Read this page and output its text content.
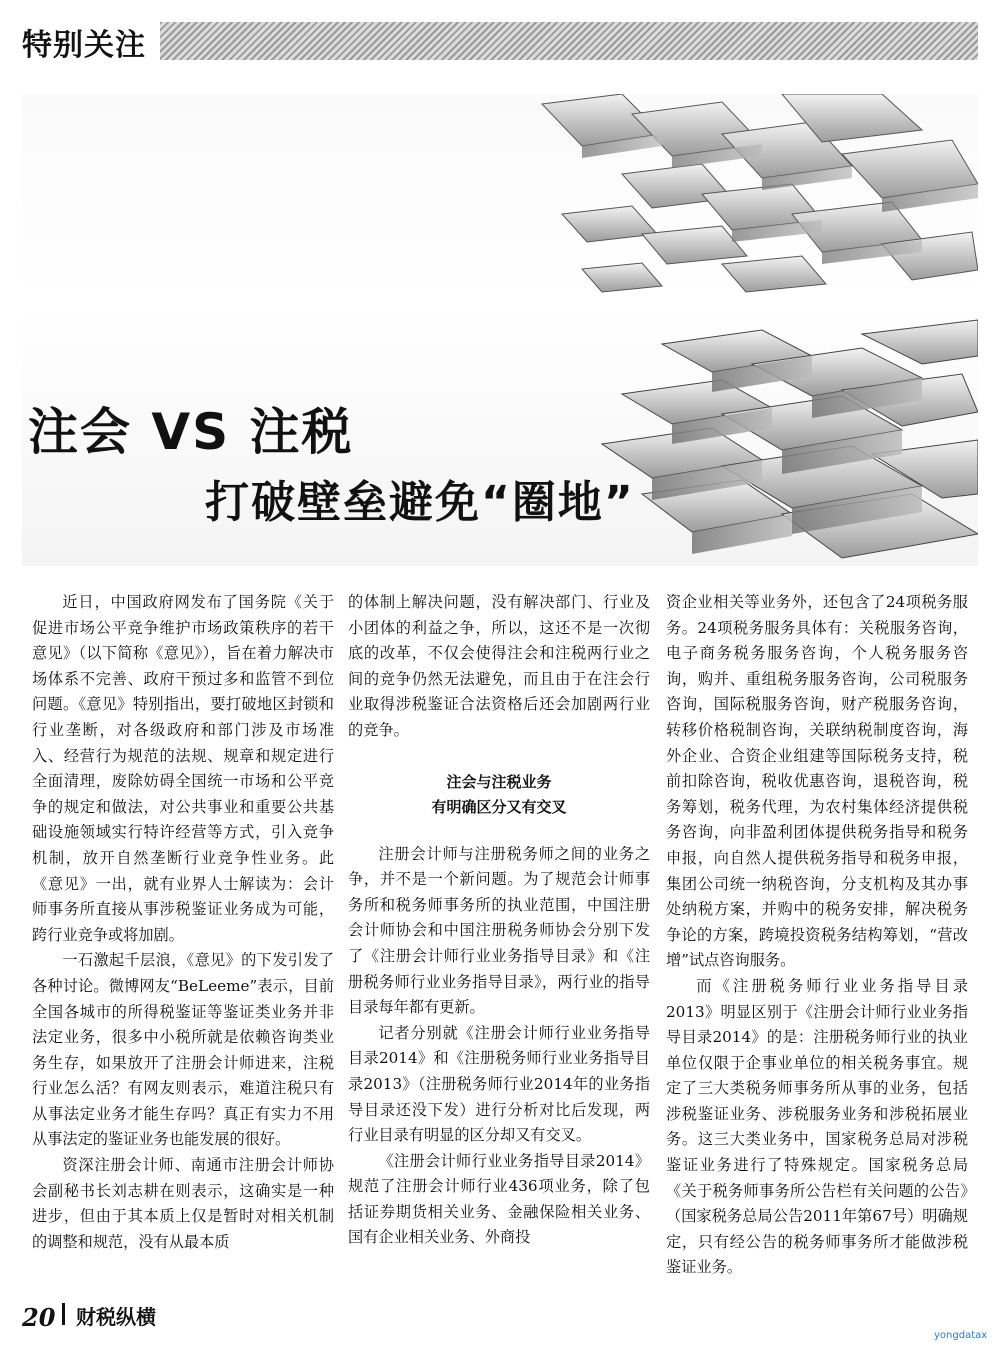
特别关注
注会 VS 注税
打破壁垒避免“圈地”

近日，中国政府网发布了国务院《关于促进市场公平竞争维护市场政策秩序的若干意见》（以下简称《意见》），旨在着力解决市场体系不完善、政府干预过多和监管不到位问题。《意见》特别指出，要打破地区封锁和行业垄断，对各级政府和部门涉及市场准入、经营行为规范的法规、规章和规定进行全面清理，废除妨碍全国统一市场和公平竞争的规定和做法，对公共事业和重要公共基础设施领域实行特许经营等方式，引入竞争机制，放开自然垄断行业竞争性业务。此《意见》一出，就有业界人士解读为：会计师事务所直接从事涉税鉴证业务成为可能，跨行业竞争或将加剧。

一石激起千层浪，《意见》的下发引发了各种讨论。微博网友“BeLeeme”表示，目前全国各城市的所得税鉴证等鉴证类业务并非法定业务，很多中小税所就是依赖咨询类业务生存，如果放开了注册会计师进来，注税行业怎么活？有网友则表示，难道注税只有从事法定业务才能生存吗？真正有实力不用从事法定的鉴证业务也能发展的很好。

资深注册会计师、南通市注册会计师协会副秘书长刘志耕在则表示，这确实是一种进步，但由于其本质上仅是暂时对相关机制的调整和规范，没有从最本质

的体制上解决问题，没有解决部门、行业及小团体的利益之争，所以，这还不是一次彻底的改革，不仅会使得注会和注税两行业之间的竞争仍然无法避免，而且由于在注会行业取得涉税鉴证合法资格后还会加剧两行业的竞争。

注会与注税业务
有明确区分又有交叉

注册会计师与注册税务师之间的业务之争，并不是一个新问题。为了规范会计师事务所和税务师事务所的执业范围，中国注册会计师协会和中国注册税务师协会分别下发了《注册会计师行业业务指导目录》和《注册税务师行业业务指导目录》，两行业的指导目录每年都有更新。

记者分别就《注册会计师行业业务指导目录2014》和《注册税务师行业业务指导目录2013》（注册税务师行业2014年的业务指导目录还没下发）进行分析对比后发现，两行业目录有明显的区分却又有交叉。

《注册会计师行业业务指导目录2014》规范了注册会计师行业436项业务，除了包括证券期货相关业务、金融保险相关业务、国有企业相关业务、外商投

资企业相关等业务外，还包含了24项税务服务。24项税务服务具体有：关税服务咨询，电子商务税务服务咨询，个人税务服务咨询，购并、重组税务服务咨询，公司税服务咨询，国际税服务咨询，财产税服务咨询，转移价格税制咨询，关联纳税制度咨询，海外企业、合资企业组建等国际税务支持，税前扣除咨询，税收优惠咨询，退税咨询，税务筹划，税务代理，为农村集体经济提供税务咨询，向非盈利团体提供税务指导和税务申报，向自然人提供税务指导和税务申报，集团公司统一纳税咨询，分支机构及其办事处纳税方案，并购中的税务安排，解决税务争论的方案，跨境投资税务结构筹划，“营改增”试点咨询服务。

而《注册税务师行业业务指导目录2013》明显区别于《注册会计师行业业务指导目录2014》的是：注册税务师行业的执业单位仅限于企事业单位的相关税务事宜。规定了三大类税务师事务所从事的业务，包括涉税鉴证业务、涉税服务业务和涉税拓展业务。这三大类业务中，国家税务总局对涉税鉴证业务进行了特殊规定。国家税务总局《关于税务师事务所公告栏有关问题的公告》（国家税务总局公告2011年第67号）明确规定，只有经公告的税务师事务所才能做涉税鉴证业务。

20 财税纵横
yongdatax
